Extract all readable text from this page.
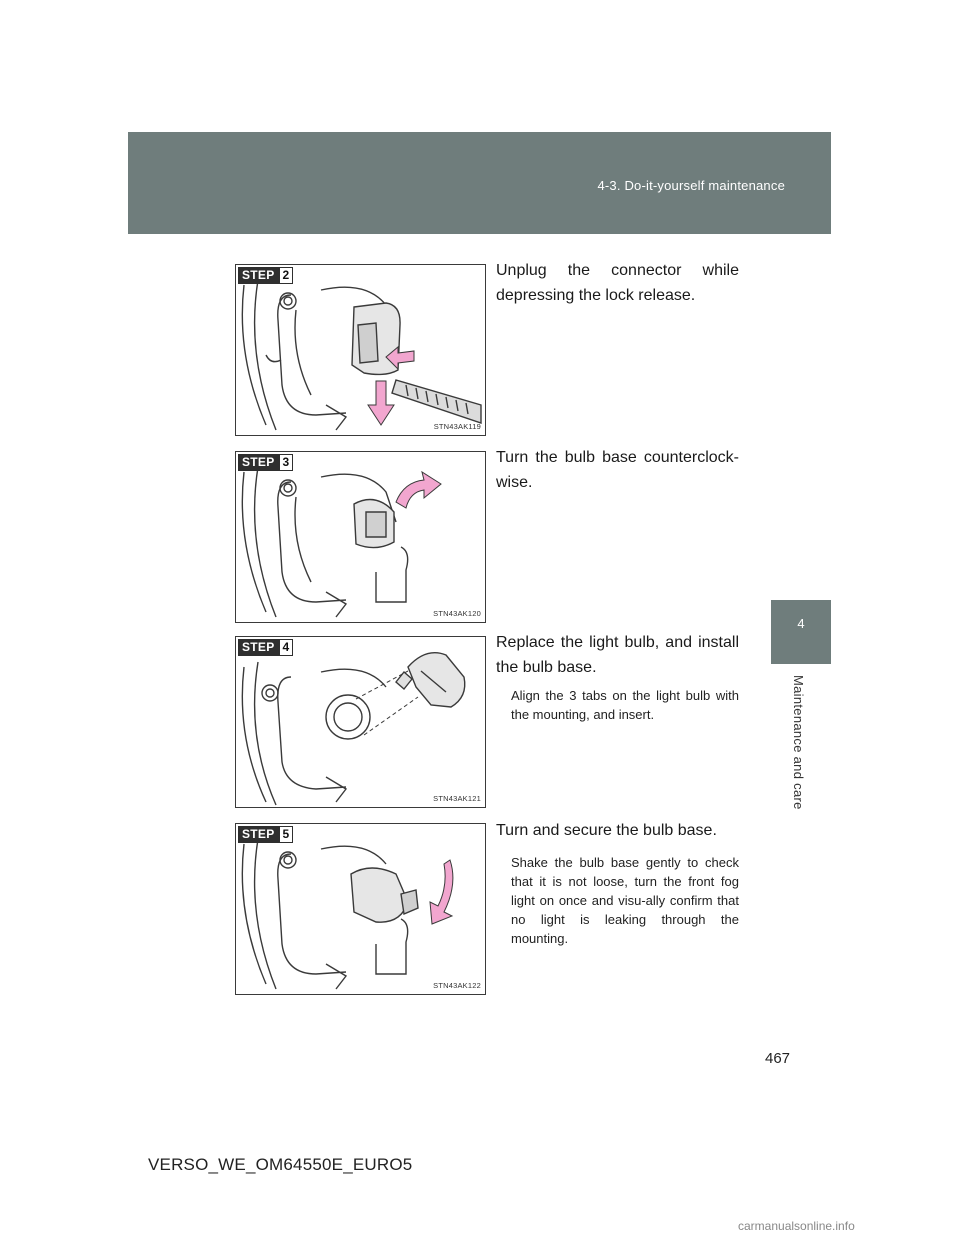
4-3. Do-it-yourself maintenance
4
Maintenance and care
STEP 2
STN43AK119
Unplug the connector while depressing the lock release.
STEP 3
STN43AK120
Turn the bulb base counterclock-wise.
STEP 4
STN43AK121
Replace the light bulb, and install the bulb base.
Align the 3 tabs on the light bulb with the mounting, and insert.
STEP 5
STN43AK122
Turn and secure the bulb base.
Shake the bulb base gently to check that it is not loose, turn the front fog light on once and visu-ally confirm that no light is leaking through the mounting.
467
VERSO_WE_OM64550E_EURO5
carmanualsonline.info
